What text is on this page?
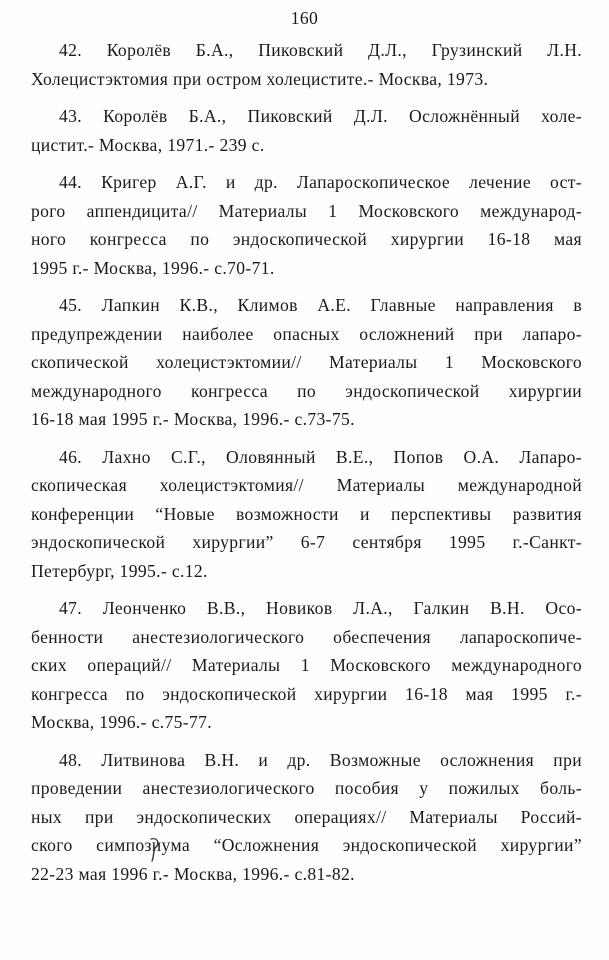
160
42. Королёв Б.А., Пиковский Д.Л., Грузинский Л.Н.
Холецистэктомия при остром холецистите.- Москва, 1973.
43. Королёв Б.А., Пиковский Д.Л. Осложнённый холе-
цистит.- Москва, 1971.- 239 с.
44. Кригер А.Г. и др. Лапароскопическое лечение ост-
рого аппендицита// Материалы 1 Московского международ-
ного конгресса по эндоскопической хирургии 16-18 мая
1995 г.- Москва, 1996.- с.70-71.
45. Лапкин К.В., Климов А.Е. Главные направления в
предупреждении наиболее опасных осложнений при лапаро-
скопической холецистэктомии// Материалы 1 Московского
международного конгресса по эндоскопической хирургии
16-18 мая 1995 г.- Москва, 1996.- с.73-75.
46. Лахно С.Г., Оловянный В.Е., Попов О.А. Лапаро-
скопическая холецистэктомия// Материалы международной
конференции “Новые возможности и перспективы развития
эндоскопической хирургии” 6-7 сентября 1995 г.-Санкт-
Петербург, 1995.- с.12.
47. Леонченко В.В., Новиков Л.А., Галкин В.Н. Осо-
бенности анестезиологического обеспечения лапароскопиче-
ских операций// Материалы 1 Московского международного
конгресса по эндоскопической хирургии 16-18 мая 1995 г.-
Москва, 1996.- с.75-77.
48. Литвинова В.Н. и др. Возможные осложнения при
проведении анестезиологического пособия у пожилых боль-
ных при эндоскопических операциях// Материалы Россий-
ского симпозиума “Осложнения эндоскопической хирургии”
22-23 мая 1996 г.- Москва, 1996.- с.81-82.
